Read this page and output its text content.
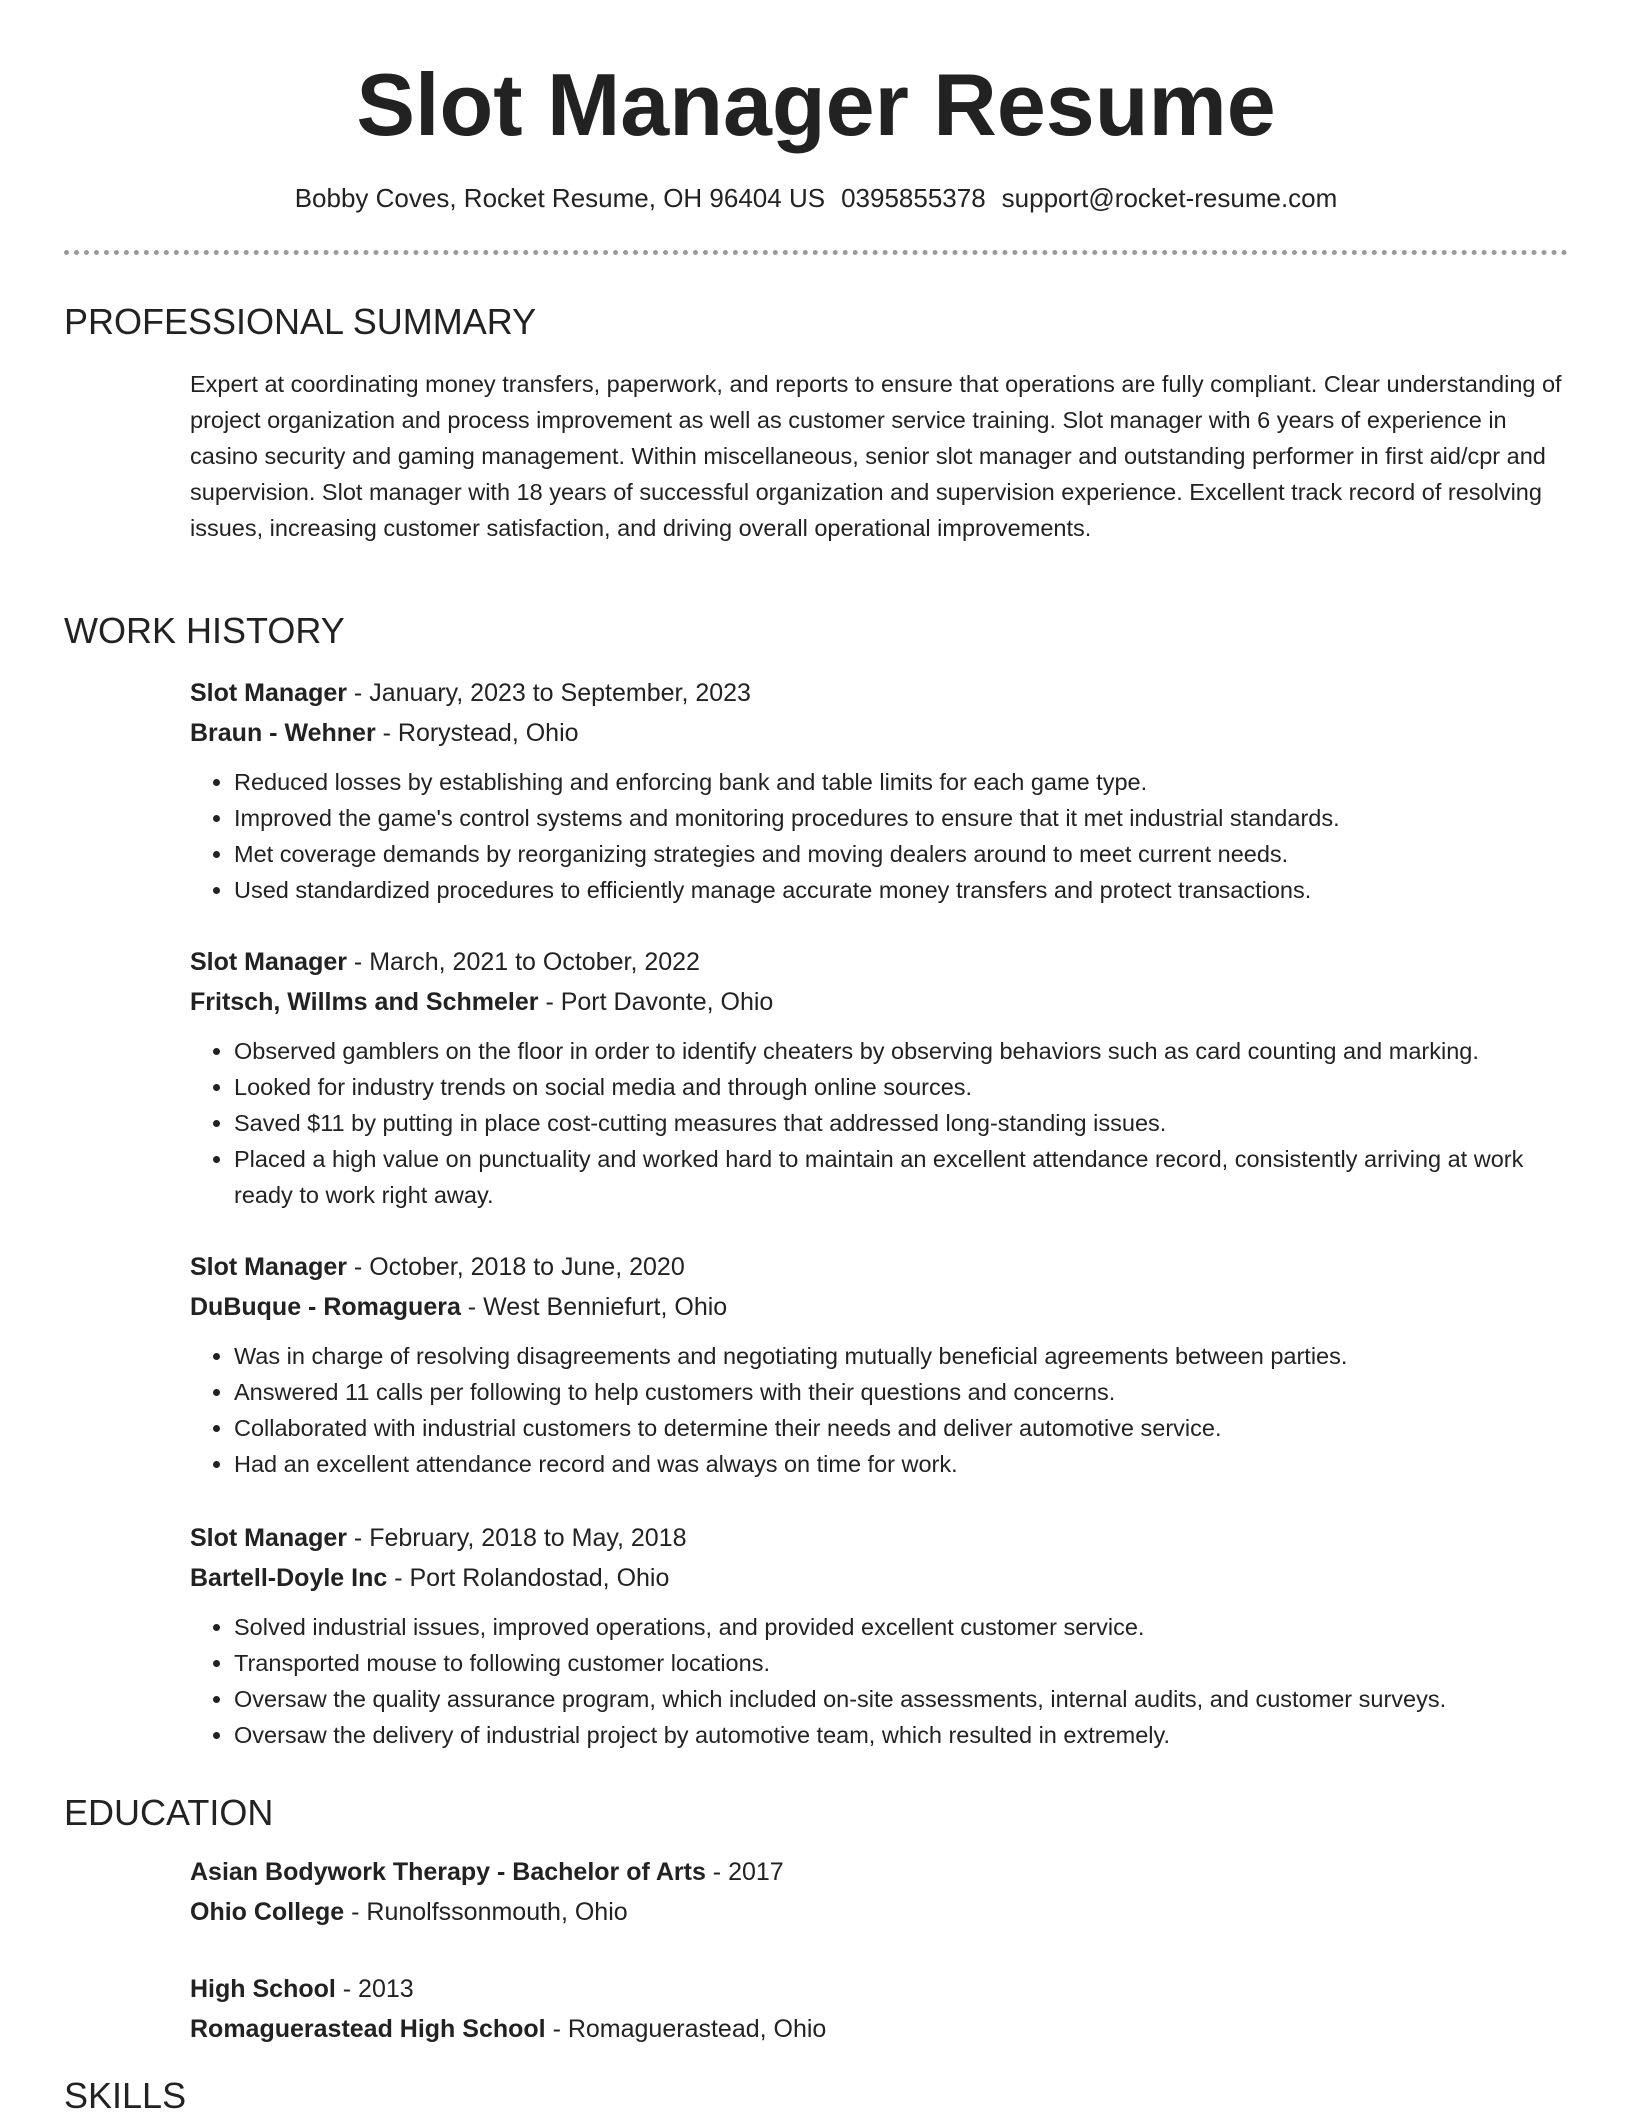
Slot Manager Resume
Bobby Coves, Rocket Resume, OH 96404 US 0395855378 support@rocket-resume.com
PROFESSIONAL SUMMARY

Expert at coordinating money transfers, paperwork, and reports to ensure that operations are fully compliant. Clear understanding of project organization and process improvement as well as customer service training. Slot manager with 6 years of experience in casino security and gaming management. Within miscellaneous, senior slot manager and outstanding performer in first aid/cpr and supervision. Slot manager with 18 years of successful organization and supervision experience. Excellent track record of resolving issues, increasing customer satisfaction, and driving overall operational improvements.

WORK HISTORY

Slot Manager - January, 2023 to September, 2023

Braun - Wehner - Rorystead, Ohio

• Reduced losses by establishing and enforcing bank and table limits for each game type.
• Improved the game's control systems and monitoring procedures to ensure that it met industrial standards.
• Met coverage demands by reorganizing strategies and moving dealers around to meet current needs.
• Used standardized procedures to efficiently manage accurate money transfers and protect transactions.

Slot Manager - March, 2021 to October, 2022

Fritsch, Willms and Schmeler - Port Davonte, Ohio

• Observed gamblers on the floor in order to identify cheaters by observing behaviors such as card counting and marking.
• Looked for industry trends on social media and through online sources.
• Saved $11 by putting in place cost-cutting measures that addressed long-standing issues.
• Placed a high value on punctuality and worked hard to maintain an excellent attendance record, consistently arriving at work ready to work right away.

Slot Manager - October, 2018 to June, 2020

DuBuque - Romaguera - West Benniefurt, Ohio

• Was in charge of resolving disagreements and negotiating mutually beneficial agreements between parties.
• Answered 11 calls per following to help customers with their questions and concerns.
• Collaborated with industrial customers to determine their needs and deliver automotive service.
• Had an excellent attendance record and was always on time for work.

Slot Manager - February, 2018 to May, 2018

Bartell-Doyle Inc - Port Rolandostad, Ohio

• Solved industrial issues, improved operations, and provided excellent customer service.
• Transported mouse to following customer locations.
• Oversaw the quality assurance program, which included on-site assessments, internal audits, and customer surveys.
• Oversaw the delivery of industrial project by automotive team, which resulted in extremely.
EDUCATION

Asian Bodywork Therapy - Bachelor of Arts - 2017

Ohio College - Runolfssonmouth, Ohio

High School - 2013

Romaguerastead High School - Romaguerastead, Ohio

SKILLS
